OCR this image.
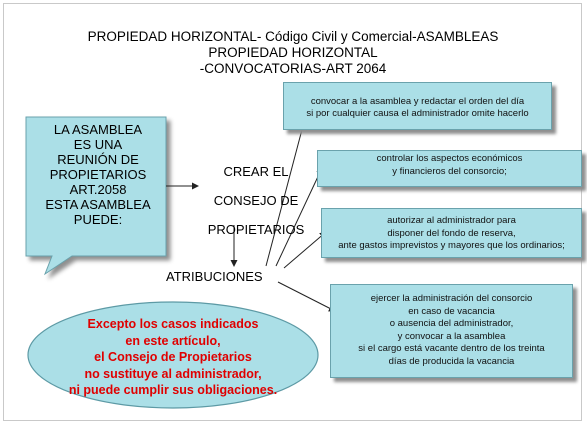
PROPIEDAD HORIZONTAL- Código Civil y Comercial-ASAMBLEAS
PROPIEDAD HORIZONTAL
-CONVOCATORIAS-ART 2064
LA ASAMBLEA
ES UNA
REUNIÓN DE
PROPIETARIOS
ART.2058
ESTA ASAMBLEA
PUEDE:
CREAR EL
CONSEJO DE
PROPIETARIOS
ATRIBUCIONES
convocar a la asamblea y redactar el orden del día
si por cualquier causa el administrador omite hacerlo
controlar los aspectos económicos
y financieros del consorcio;
autorizar al administrador para
disponer del fondo de reserva,
ante gastos imprevistos y mayores que los ordinarios;
ejercer la administración del consorcio
en caso de vacancia
o ausencia del administrador,
y convocar a la asamblea
si el cargo está vacante dentro de los treinta
días de producida la vacancia
Excepto los casos indicados
en este artículo,
el Consejo de Propietarios
no sustituye al administrador,
ni puede cumplir sus obligaciones.
